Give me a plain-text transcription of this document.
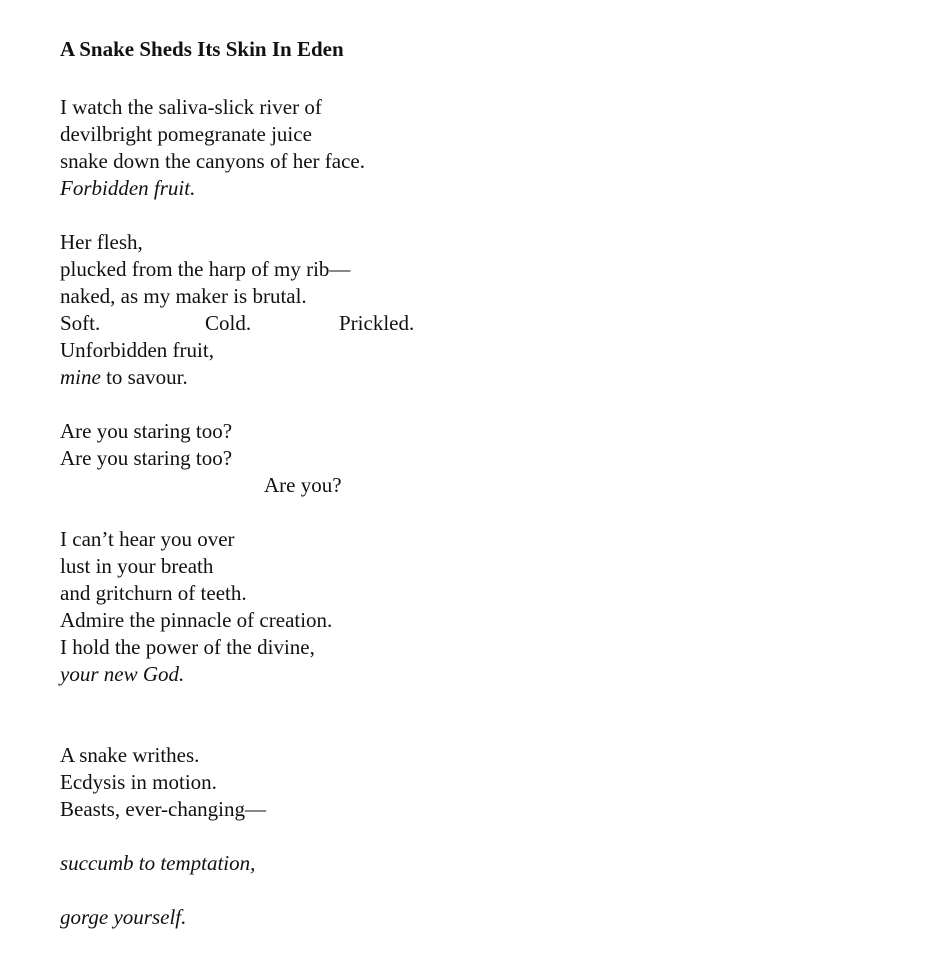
A Snake Sheds Its Skin In Eden
I watch the saliva-slick river of
devilbright pomegranate juice
snake down the canyons of her face.
Forbidden fruit.
Her flesh,
plucked from the harp of my rib—
naked, as my maker is brutal.
Soft.	Cold.	Prickled.
Unforbidden fruit,
mine to savour.
Are you staring too?
Are you staring too?
Are you?
I can’t hear you over
lust in your breath
and gritchurn of teeth.
Admire the pinnacle of creation.
I hold the power of the divine,
your new God.
A snake writhes.
Ecdysis in motion.
Beasts, ever-changing—
succumb to temptation,
gorge yourself.
